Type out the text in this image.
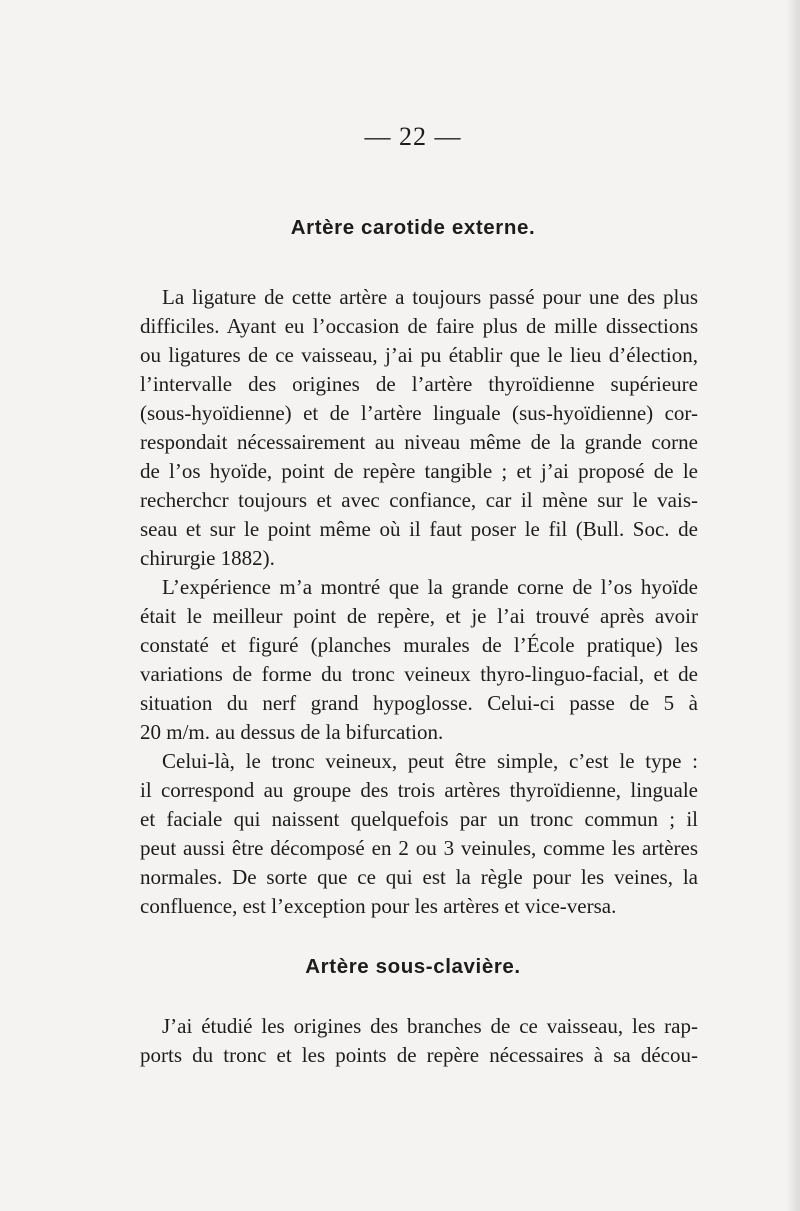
— 22 —
Artère carotide externe.
La ligature de cette artère a toujours passé pour une des plus
difficiles. Ayant eu l’occasion de faire plus de mille dissections
ou ligatures de ce vaisseau, j’ai pu établir que le lieu d’élection,
l’intervalle des origines de l’artère thyroïdienne supérieure
(sous-hyoïdienne) et de l’artère linguale (sus-hyoïdienne) cor-
respondait nécessairement au niveau même de la grande corne
de l’os hyoïde, point de repère tangible ; et j’ai proposé de le
recherchcr toujours et avec confiance, car il mène sur le vais-
seau et sur le point même où il faut poser le fil (Bull. Soc. de
chirurgie 1882).
L’expérience m’a montré que la grande corne de l’os hyoïde
était le meilleur point de repère, et je l’ai trouvé après avoir
constaté et figuré (planches murales de l’École pratique) les
variations de forme du tronc veineux thyro-linguo-facial, et de
situation du nerf grand hypoglosse. Celui-ci passe de 5 à
20 m/m. au dessus de la bifurcation.
Celui-là, le tronc veineux, peut être simple, c’est le type :
il correspond au groupe des trois artères thyroïdienne, linguale
et faciale qui naissent quelquefois par un tronc commun ; il
peut aussi être décomposé en 2 ou 3 veinules, comme les artères
normales. De sorte que ce qui est la règle pour les veines, la
confluence, est l’exception pour les artères et vice-versa.
Artère sous-clavière.
J’ai étudié les origines des branches de ce vaisseau, les rap-
ports du tronc et les points de repère nécessaires à sa décou-
